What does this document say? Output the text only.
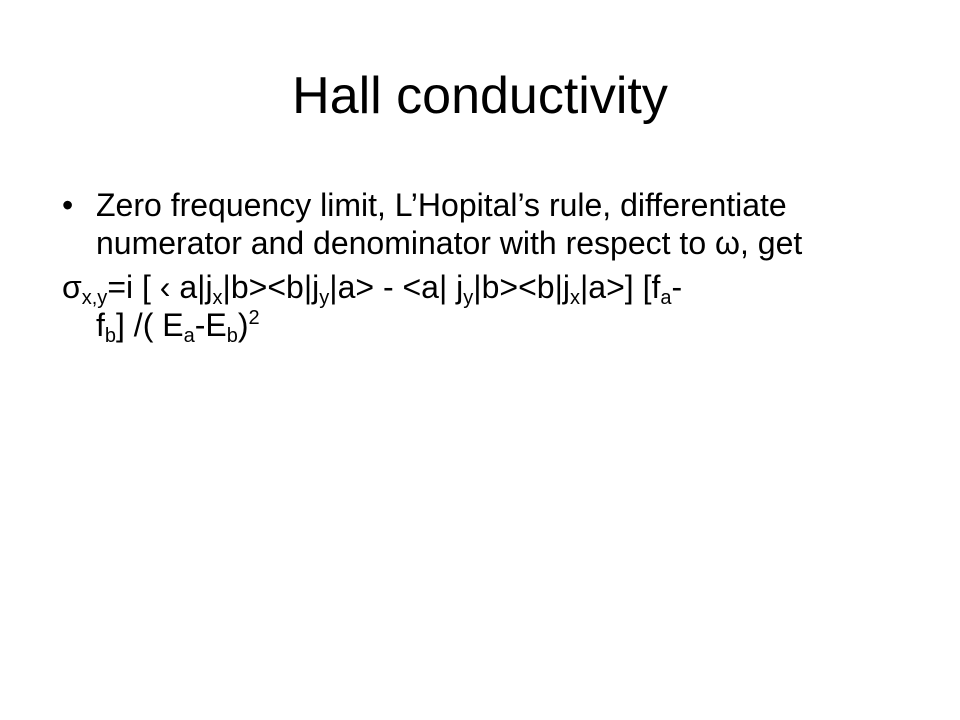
Hall conductivity
• Zero frequency limit, L’Hopital’s rule, differentiate numerator and denominator with respect to ω, get
$\sigma_{x,y}=i$ [ ‹ $a|j_x|b><b|j_y|a> - <a|$ $j_y|b><b|j_x|a>$] [$f_a-$
$f_b$] /( $E_a-E_b)^2$
